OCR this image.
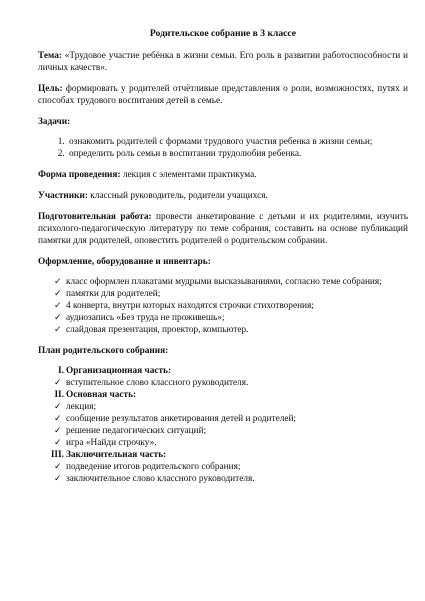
Родительское собрание в 3 классе

Тема: «Трудовое участие ребёнка в жизни семьи. Его роль в развитии работоспособности и личных качеств».

Цель: формировать у родителей отчётливые представления о роли, возможностях, путях и способах трудового воспитания детей в семье.

Задачи:
1. ознакомить родителей с формами трудового участия ребенка в жизни семьи;
2. определить роль семьи в воспитании трудолюбия ребенка.

Форма проведения: лекция с элементами практикума.

Участники: классный руководитель, родители учащихся.

Подготовительная работа: провести анкетирование с детьми и их родителями, изучить психолого-педагогическую литературу по теме собрания, составить на основе публикаций памятки для родителей, оповестить родителей о родительском собрании.

Оформление, оборудование и инвентарь:
✓ класс оформлен плакатами мудрыми высказываниями, согласно теме собрания;
✓ памятки для родителей;
✓ 4 конверта, внутри которых находятся строчки стихотворения;
✓ аудиозапись «Без труда не проживешь»;
✓ слайдовая презентация, проектор, компьютер.
План родительского собрания:
I. Организационная часть:
✓ вступительное слово классного руководителя.
II. Основная часть:
✓ лекция;
✓ сообщение результатов анкетирования детей и родителей;
✓ решение педагогических ситуаций;
✓ игра «Найди строчку».
III. Заключительная часть:
✓ подведение итогов родительского собрания;
✓ заключительное слово классного руководителя.
